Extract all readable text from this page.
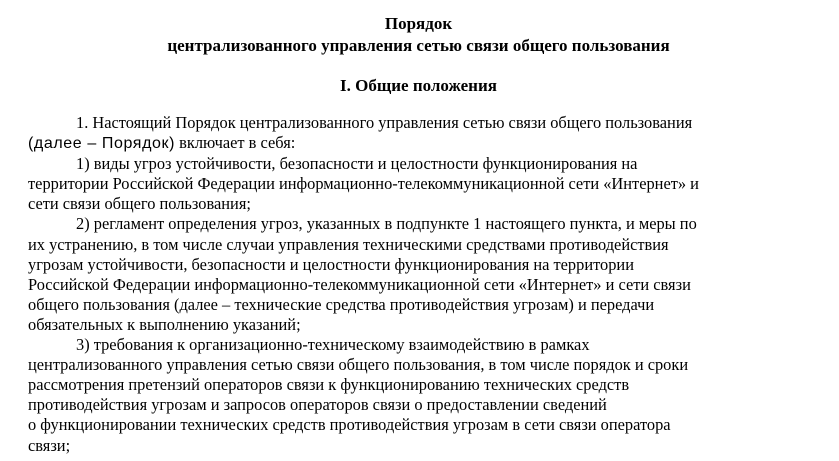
Порядок
централизованного управления сетью связи общего пользования

I. Общие положения

1. Настоящий Порядок централизованного управления сетью связи общего пользования
(далее – Порядок) включает в себя:

1) виды угроз устойчивости, безопасности и целостности функционирования на
территории Российской Федерации информационно-телекоммуникационной сети «Интернет» и
сети связи общего пользования;

2) регламент определения угроз, указанных в подпункте 1 настоящего пункта, и меры по
их устранению, в том числе случаи управления техническими средствами противодействия
угрозам устойчивости, безопасности и целостности функционирования на территории
Российской Федерации информационно-телекоммуникационной сети «Интернет» и сети связи
общего пользования (далее – технические средства противодействия угрозам) и передачи
обязательных к выполнению указаний;

3) требования к организационно-техническому взаимодействию в рамках
централизованного управления сетью связи общего пользования, в том числе порядок и сроки
рассмотрения претензий операторов связи к функционированию технических средств
противодействия угрозам и запросов операторов связи о предоставлении сведений
о функционировании технических средств противодействия угрозам в сети связи оператора
связи;
